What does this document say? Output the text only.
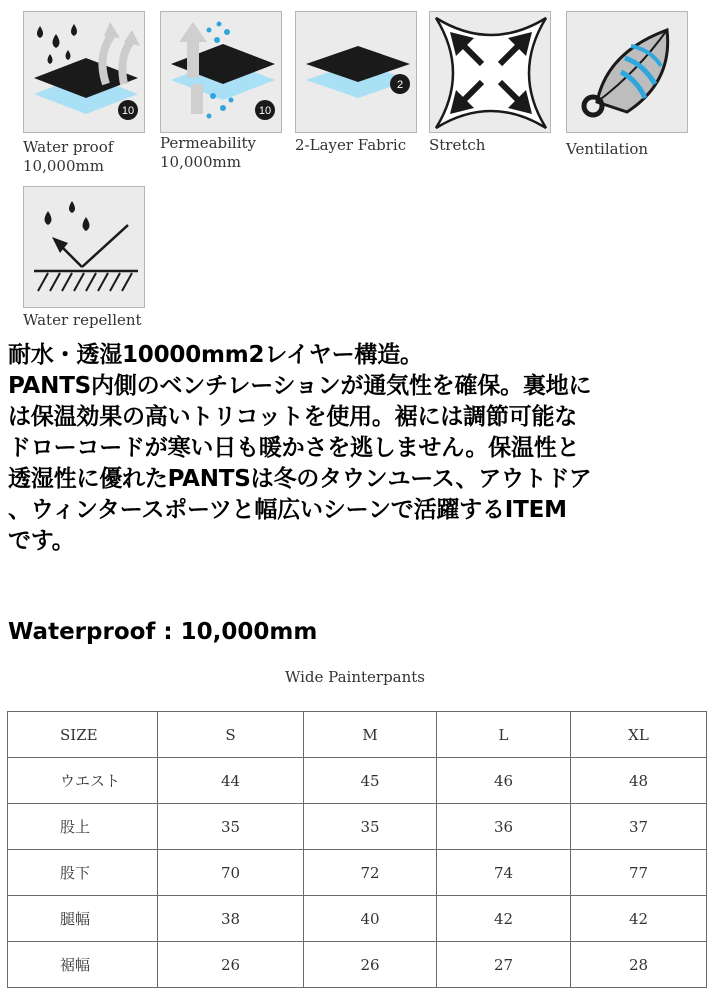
10
Water proof
10,000mm
10
Permeability
10,000mm
2
2-Layer Fabric Stretch	Ventilation
Water repellent

耐水・透湿10000mm2レイヤー構造。

PANTS内側のベンチレーションが通気性を確保。裏地に

は保温効果の高いトリコットを使用。裾には調節可能な

ドローコードが寒い日も暖かさを逃しません。保温性と

透湿性に優れたPANTSは冬のタウンユース、アウトドア

、ウィンタースポーツと幅広いシーンで活躍するITEM

です。

Waterproof : 10,000mm
Wide Painterpants
SIZE	S	M	L	XL
ウエスト	44	45	46	48
股上	35	35	36	37
股下	70	72	74	77
腿幅	38	40	42	42
裾幅	26	26	27	28
